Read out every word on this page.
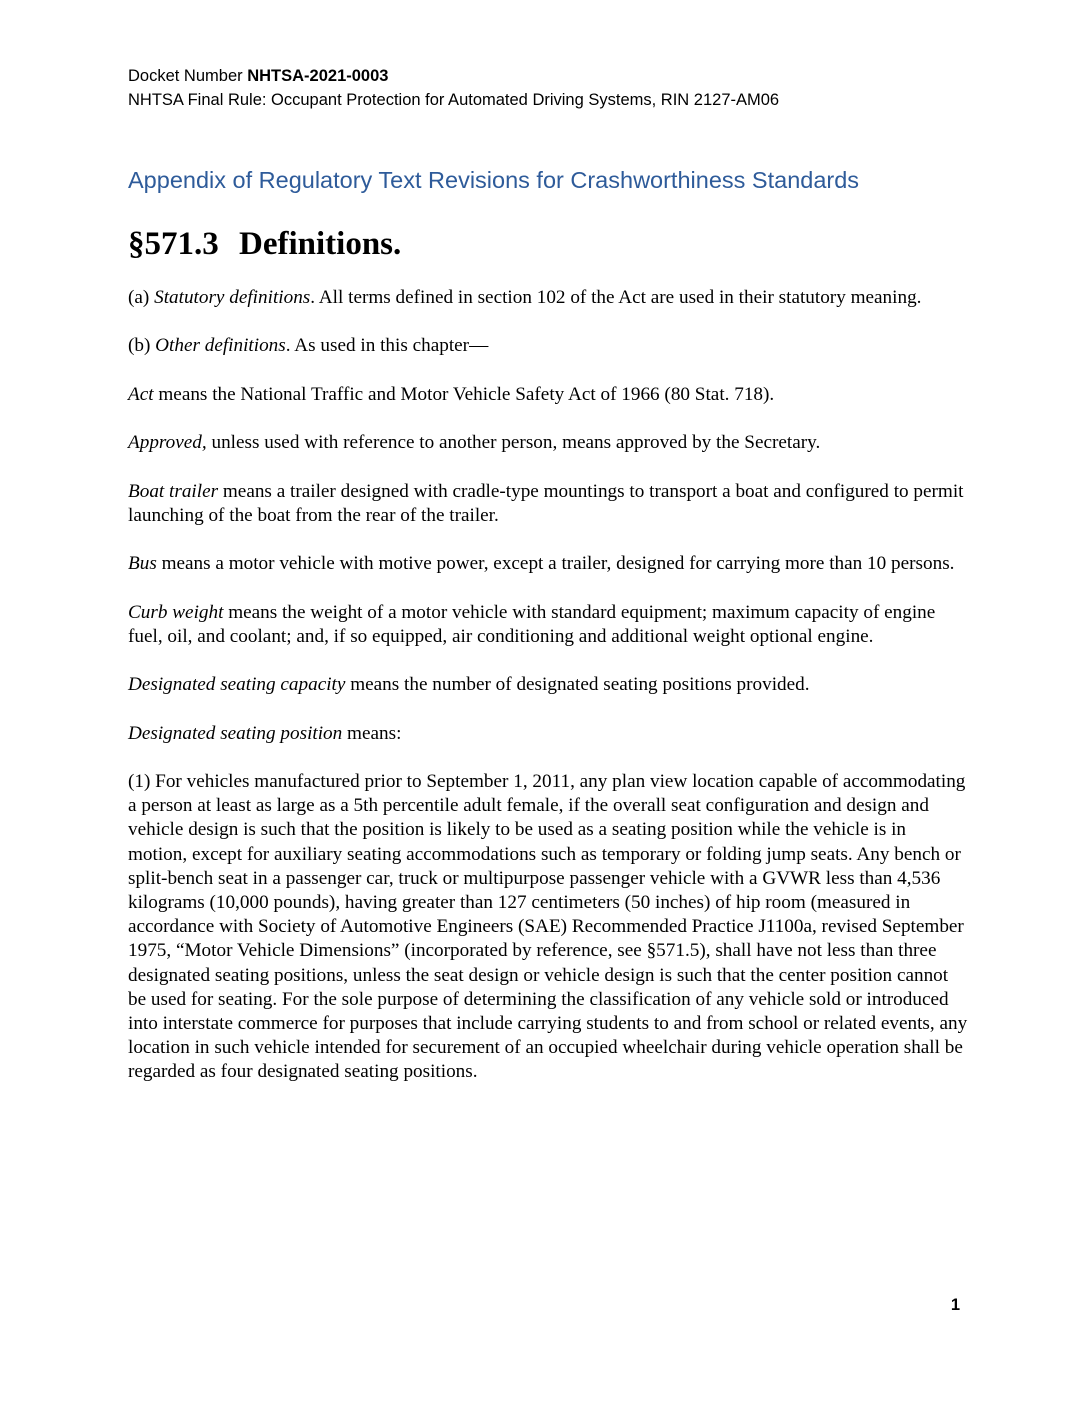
Docket Number NHTSA-2021-0003
NHTSA Final Rule: Occupant Protection for Automated Driving Systems, RIN 2127-AM06
Appendix of Regulatory Text Revisions for Crashworthiness Standards
§571.3 Definitions.

(a) Statutory definitions. All terms defined in section 102 of the Act are used in their statutory meaning.

(b) Other definitions. As used in this chapter—

Act means the National Traffic and Motor Vehicle Safety Act of 1966 (80 Stat. 718).

Approved, unless used with reference to another person, means approved by the Secretary.

Boat trailer means a trailer designed with cradle-type mountings to transport a boat and configured to permit launching of the boat from the rear of the trailer.

Bus means a motor vehicle with motive power, except a trailer, designed for carrying more than 10 persons.

Curb weight means the weight of a motor vehicle with standard equipment; maximum capacity of engine fuel, oil, and coolant; and, if so equipped, air conditioning and additional weight optional engine.

Designated seating capacity means the number of designated seating positions provided.

Designated seating position means:

(1) For vehicles manufactured prior to September 1, 2011, any plan view location capable of accommodating a person at least as large as a 5th percentile adult female, if the overall seat configuration and design and vehicle design is such that the position is likely to be used as a seating position while the vehicle is in motion, except for auxiliary seating accommodations such as temporary or folding jump seats. Any bench or split-bench seat in a passenger car, truck or multipurpose passenger vehicle with a GVWR less than 4,536 kilograms (10,000 pounds), having greater than 127 centimeters (50 inches) of hip room (measured in accordance with Society of Automotive Engineers (SAE) Recommended Practice J1100a, revised September 1975, “Motor Vehicle Dimensions” (incorporated by reference, see §571.5), shall have not less than three designated seating positions, unless the seat design or vehicle design is such that the center position cannot be used for seating. For the sole purpose of determining the classification of any vehicle sold or introduced into interstate commerce for purposes that include carrying students to and from school or related events, any location in such vehicle intended for securement of an occupied wheelchair during vehicle operation shall be regarded as four designated seating positions.

1
